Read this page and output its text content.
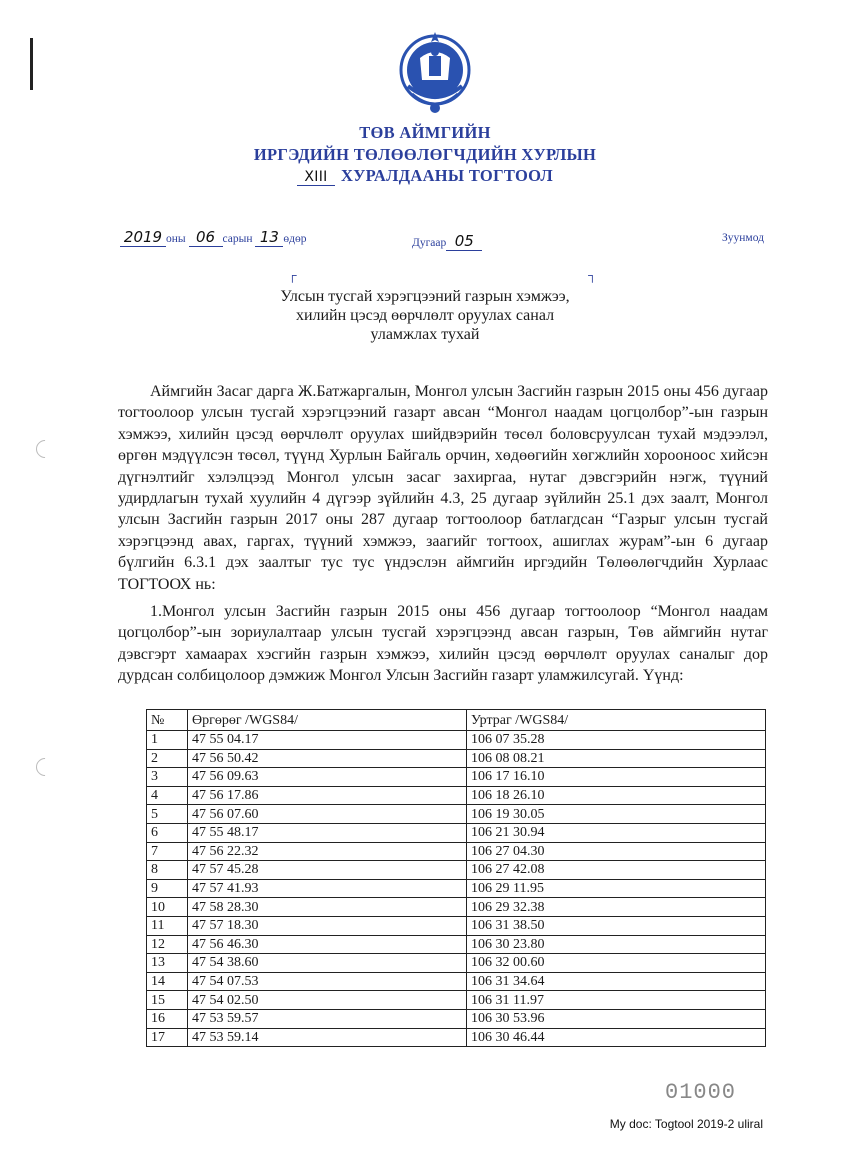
ТӨВ АЙМГИЙН
ИРГЭДИЙН ТӨЛӨӨЛӨГЧДИЙН ХУРЛЫН
XIII ХУРАЛДААНЫ ТОГТООЛ
2019 оны 06 сарын 13 өдөр	Дугаар 05	Зуунмод
┌	┐
Улсын тусгай хэрэгцээний газрын хэмжээ,
хилийн цэсэд өөрчлөлт оруулах санал
уламжлах тухай
Аймгийн Засаг дарга Ж.Батжаргалын, Монгол улсын Засгийн газрын 2015 оны 456 дугаар тогтоолоор улсын тусгай хэрэгцээний газарт авсан “Монгол наадам цогцолбор”-ын газрын хэмжээ, хилийн цэсэд өөрчлөлт оруулах шийдвэрийн төсөл боловсруулсан тухай мэдээлэл, өргөн мэдүүлсэн төсөл, түүнд Хурлын Байгаль орчин, хөдөөгийн хөгжлийн хорооноос хийсэн дүгнэлтийг хэлэлцээд Монгол улсын засаг захиргаа, нутаг дэвсгэрийн нэгж, түүний удирдлагын тухай хуулийн 4 дүгээр зүйлийн 4.3, 25 дугаар зүйлийн 25.1 дэх заалт, Монгол улсын Засгийн газрын 2017 оны 287 дугаар тогтоолоор батлагдсан “Газрыг улсын тусгай хэрэгцээнд авах, гаргах, түүний хэмжээ, заагийг тогтоох, ашиглах журам”-ын 6 дугаар бүлгийн 6.3.1 дэх заалтыг тус тус үндэслэн аймгийн иргэдийн Төлөөлөгчдийн Хурлаас ТОГТООХ нь:
1.Монгол улсын Засгийн газрын 2015 оны 456 дугаар тогтоолоор “Монгол наадам цогцолбор”-ын зориулалтаар улсын тусгай хэрэгцээнд авсан газрын, Төв аймгийн нутаг дэвсгэрт хамаарах хэсгийн газрын хэмжээ, хилийн цэсэд өөрчлөлт оруулах саналыг дор дурдсан солбицолоор дэмжиж Монгол Улсын Засгийн газарт уламжилсугай. Үүнд:
№	Өргөрөг /WGS84/	Уртраг /WGS84/
1	47 55 04.17	106 07 35.28
2	47 56 50.42	106 08 08.21
3	47 56 09.63	106 17 16.10
4	47 56 17.86	106 18 26.10
5	47 56 07.60	106 19 30.05
6	47 55 48.17	106 21 30.94
7	47 56 22.32	106 27 04.30
8	47 57 45.28	106 27 42.08
9	47 57 41.93	106 29 11.95
10	47 58 28.30	106 29 32.38
11	47 57 18.30	106 31 38.50
12	47 56 46.30	106 30 23.80
13	47 54 38.60	106 32 00.60
14	47 54 07.53	106 31 34.64
15	47 54 02.50	106 31 11.97
16	47 53 59.57	106 30 53.96
17	47 53 59.14	106 30 46.44
01000
My doc: Togtool 2019-2 uliral
